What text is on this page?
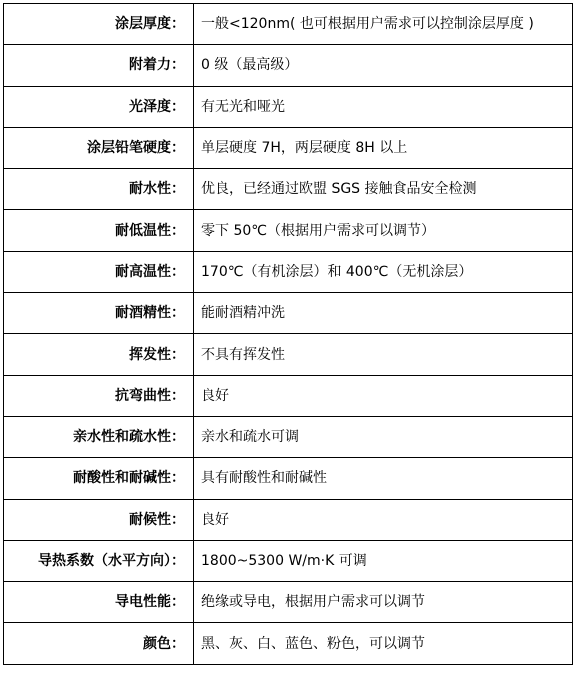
涂层厚度：	一般<120nm( 也可根据用户需求可以控制涂层厚度 )
附着力：	0 级（最高级）
光泽度：	有无光和哑光
涂层铅笔硬度：	单层硬度 7H，两层硬度 8H 以上
耐水性：	优良，已经通过欧盟 SGS 接触食品安全检测
耐低温性：	零下 50℃（根据用户需求可以调节）
耐高温性：	170℃（有机涂层）和 400℃（无机涂层）
耐酒精性：	能耐酒精冲洗
挥发性：	不具有挥发性
抗弯曲性：	良好
亲水性和疏水性：	亲水和疏水可调
耐酸性和耐碱性：	具有耐酸性和耐碱性
耐候性：	良好
导热系数（水平方向）：	1800~5300 W/m·K 可调
导电性能：	绝缘或导电，根据用户需求可以调节
颜色：	黑、灰、白、蓝色、粉色，可以调节
